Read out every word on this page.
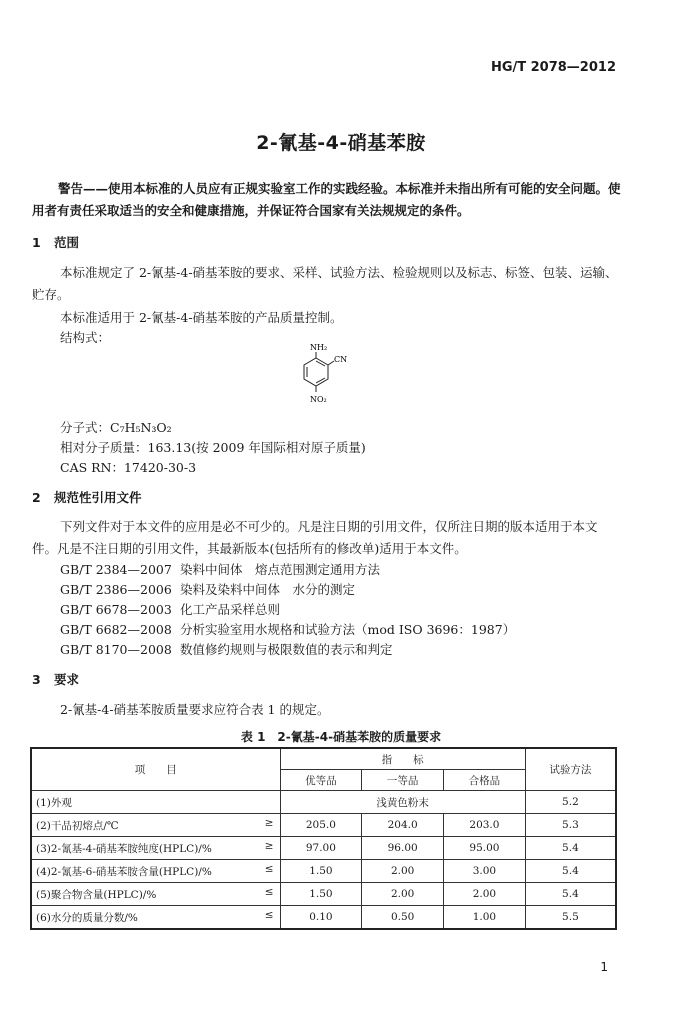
HG/T 2078—2012
2-氰基-4-硝基苯胺
警告——使用本标准的人员应有正规实验室工作的实践经验。本标准并未指出所有可能的安全问题。使用者有责任采取适当的安全和健康措施，并保证符合国家有关法规规定的条件。
1 范围
本标准规定了 2-氰基-4-硝基苯胺的要求、采样、试验方法、检验规则以及标志、标签、包装、运输、贮存。
本标准适用于 2-氰基-4-硝基苯胺的产品质量控制。
结构式：
NH₂
CN
NO₂
分子式：C₇H₅N₃O₂
相对分子质量：163.13(按 2009 年国际相对原子质量)
CAS RN：17420-30-3
2 规范性引用文件
下列文件对于本文件的应用是必不可少的。凡是注日期的引用文件，仅所注日期的版本适用于本文件。凡是不注日期的引用文件，其最新版本(包括所有的修改单)适用于本文件。
GB/T 2384—2007 染料中间体　熔点范围测定通用方法
GB/T 2386—2006 染料及染料中间体　水分的测定
GB/T 6678—2003 化工产品采样总则
GB/T 6682—2008 分析实验室用水规格和试验方法（mod ISO 3696：1987）
GB/T 8170—2008 数值修约规则与极限数值的表示和判定
3 要求
2-氰基-4-硝基苯胺质量要求应符合表 1 的规定。
表 1　2-氰基-4-硝基苯胺的质量要求
项　　目	指　　标			试验方法
	优等品	一等品	合格品	
(1)外观	浅黄色粉末			5.2
(2)干品初熔点/℃ ≥	205.0	204.0	203.0	5.3
(3)2-氰基-4-硝基苯胺纯度(HPLC)/% ≥	97.00	96.00	95.00	5.4
(4)2-氰基-6-硝基苯胺含量(HPLC)/% ≤	1.50	2.00	3.00	5.4
(5)聚合物含量(HPLC)/% ≤	1.50	2.00	2.00	5.4
(6)水分的质量分数/% ≤	0.10	0.50	1.00	5.5
1
